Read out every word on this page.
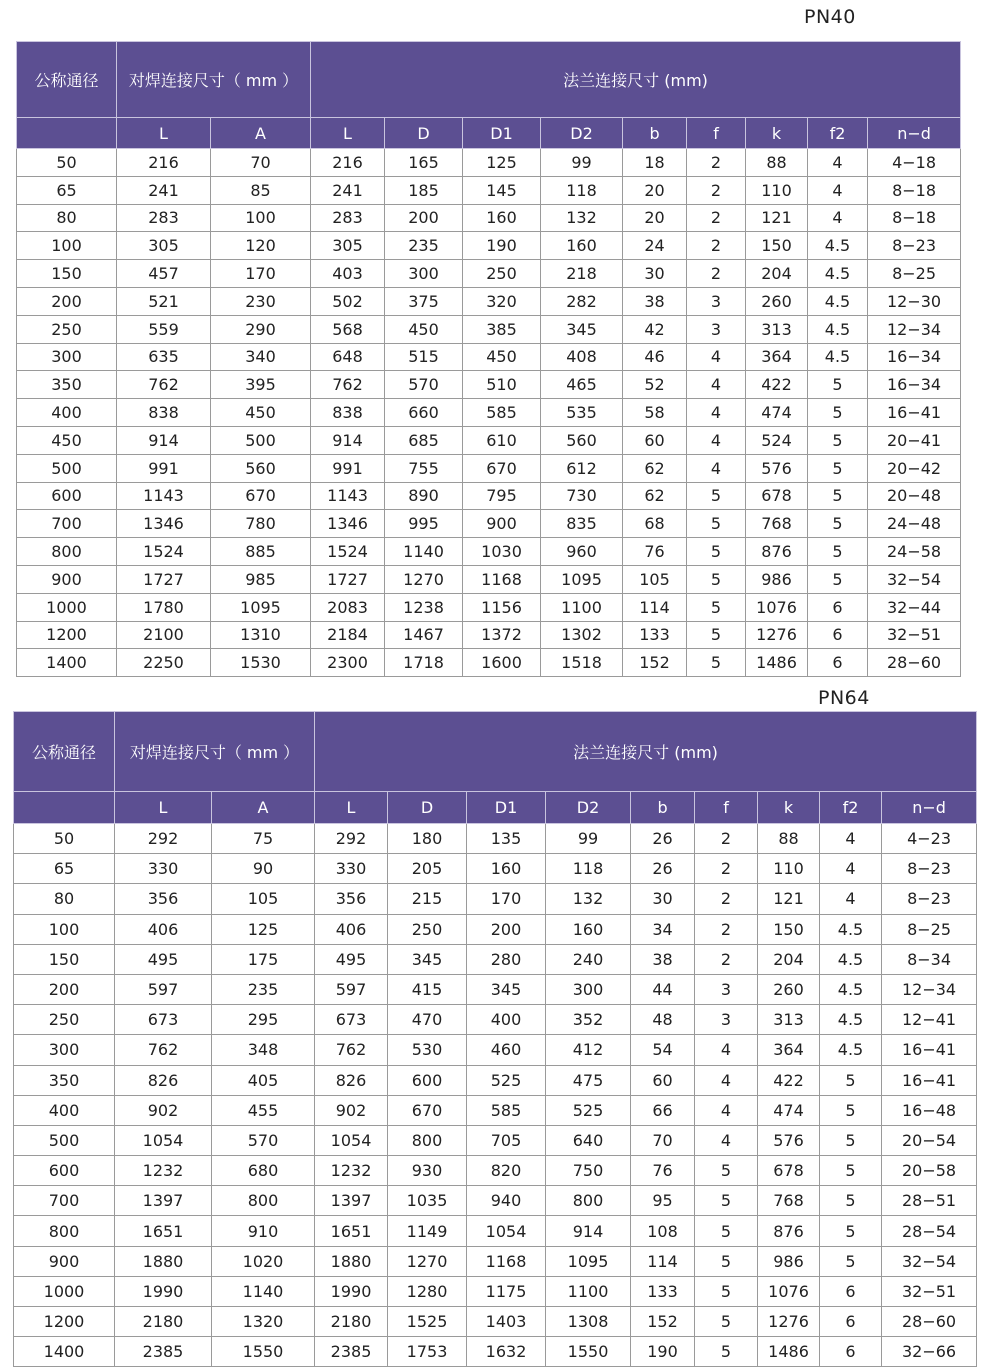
PN40
公称通径	对焊连接尺寸（ mm ）		法兰连接尺寸 (mm)								
	L	A	L	D	D1	D2	b	f	k	f2	n−d
50	216	70	216	165	125	99	18	2	88	4	4−18
65	241	85	241	185	145	118	20	2	110	4	8−18
80	283	100	283	200	160	132	20	2	121	4	8−18
100	305	120	305	235	190	160	24	2	150	4.5	8−23
150	457	170	403	300	250	218	30	2	204	4.5	8−25
200	521	230	502	375	320	282	38	3	260	4.5	12−30
250	559	290	568	450	385	345	42	3	313	4.5	12−34
300	635	340	648	515	450	408	46	4	364	4.5	16−34
350	762	395	762	570	510	465	52	4	422	5	16−34
400	838	450	838	660	585	535	58	4	474	5	16−41
450	914	500	914	685	610	560	60	4	524	5	20−41
500	991	560	991	755	670	612	62	4	576	5	20−42
600	1143	670	1143	890	795	730	62	5	678	5	20−48
700	1346	780	1346	995	900	835	68	5	768	5	24−48
800	1524	885	1524	1140	1030	960	76	5	876	5	24−58
900	1727	985	1727	1270	1168	1095	105	5	986	5	32−54
1000	1780	1095	2083	1238	1156	1100	114	5	1076	6	32−44
1200	2100	1310	2184	1467	1372	1302	133	5	1276	6	32−51
1400	2250	1530	2300	1718	1600	1518	152	5	1486	6	28−60
PN64
公称通径	对焊连接尺寸（ mm ）		法兰连接尺寸 (mm)								
	L	A	L	D	D1	D2	b	f	k	f2	n−d
50	292	75	292	180	135	99	26	2	88	4	4−23
65	330	90	330	205	160	118	26	2	110	4	8−23
80	356	105	356	215	170	132	30	2	121	4	8−23
100	406	125	406	250	200	160	34	2	150	4.5	8−25
150	495	175	495	345	280	240	38	2	204	4.5	8−34
200	597	235	597	415	345	300	44	3	260	4.5	12−34
250	673	295	673	470	400	352	48	3	313	4.5	12−41
300	762	348	762	530	460	412	54	4	364	4.5	16−41
350	826	405	826	600	525	475	60	4	422	5	16−41
400	902	455	902	670	585	525	66	4	474	5	16−48
500	1054	570	1054	800	705	640	70	4	576	5	20−54
600	1232	680	1232	930	820	750	76	5	678	5	20−58
700	1397	800	1397	1035	940	800	95	5	768	5	28−51
800	1651	910	1651	1149	1054	914	108	5	876	5	28−54
900	1880	1020	1880	1270	1168	1095	114	5	986	5	32−54
1000	1990	1140	1990	1280	1175	1100	133	5	1076	6	32−51
1200	2180	1320	2180	1525	1403	1308	152	5	1276	6	28−60
1400	2385	1550	2385	1753	1632	1550	190	5	1486	6	32−66
